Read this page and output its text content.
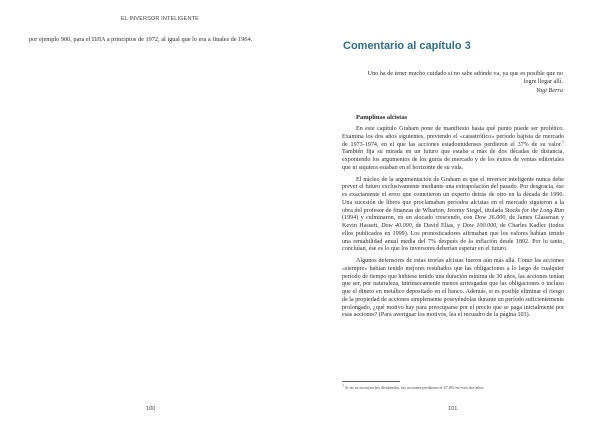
EL INVERSOR INTELIGENTE

por ejemplo 900, para el DJIA a principios de 1972, al igual que lo era a finales de 1964.

100
Comentario al capítulo 3

Uno ha de tener mucho cuidado si no sabe adónde va, ya que es posible que no logre llegar allí.

Yogi Berra

Pamplinas alcistas

En este capítulo Graham pone de manifiesto hasta qué punto puede ser profético. Examina los dos años siguientes, previendo el «catastrófico» período bajista de mercado de 1973-1974, en el que las acciones estadounidenses perdieron el 37% de su valor.$^1$ También fija su mirada en un futuro que estaba a más de dos décadas de distancia, exponiendo los argumentos de los gurús de mercado y de los éxitos de ventas editoriales que ni siquiera estaban en el horizonte de su vida.

El núcleo de la argumentación de Graham es que el inversor inteligente nunca debe prever el futuro exclusivamente mediante una extrapolación del pasado. Por desgracia, ése es exactamente el error que cometieron un experto detrás de otro en la década de 1990. Una sucesión de libros que proclamaban períodos alcistas en el mercado siguieron a la obra del profesor de finanzas de Wharton, Jeremy Siegel, titulada Stocks for the Long Run (1994) y culminaron, en un alocado crescendo, con Dow 36.000, de James Glassman y Kevin Hassett, Dow 40.000, de David Elias, y Dow 100.000, de Charles Kadlec (todos ellos publicados en 1999). Los pronosticadores afirmaban que los valores habían tenido una rentabilidad anual media del 7% después de la inflación desde 1802. Por lo tanto, concluían, ése es lo que los inversores deberían esperar en el futuro.

Algunos defensores de estas teorías alcistas fueron aún más allá. Como las acciones «siempre» habían tenido mejores resultados que las obligaciones a lo largo de cualquier período de tiempo que hubiese tenido una duración mínima de 30 años, las acciones tenían que ser, por naturaleza, intrínsecamente menos arriesgadas que las obligaciones o incluso que el dinero en metálico depositado en el banco. Además, si es posible eliminar el riesgo de la propiedad de acciones simplemente poseyéndolas durante un período suficientemente prolongado, ¿qué motivo hay para preocuparse por el precio que se paga inicialmente por esas acciones? (Para averiguar los motivos, lea el recuadro de la página 103).

$^1$ Si no se incluyen los dividendos, las acciones perdieron el 47,8% en esos dos años.

101
